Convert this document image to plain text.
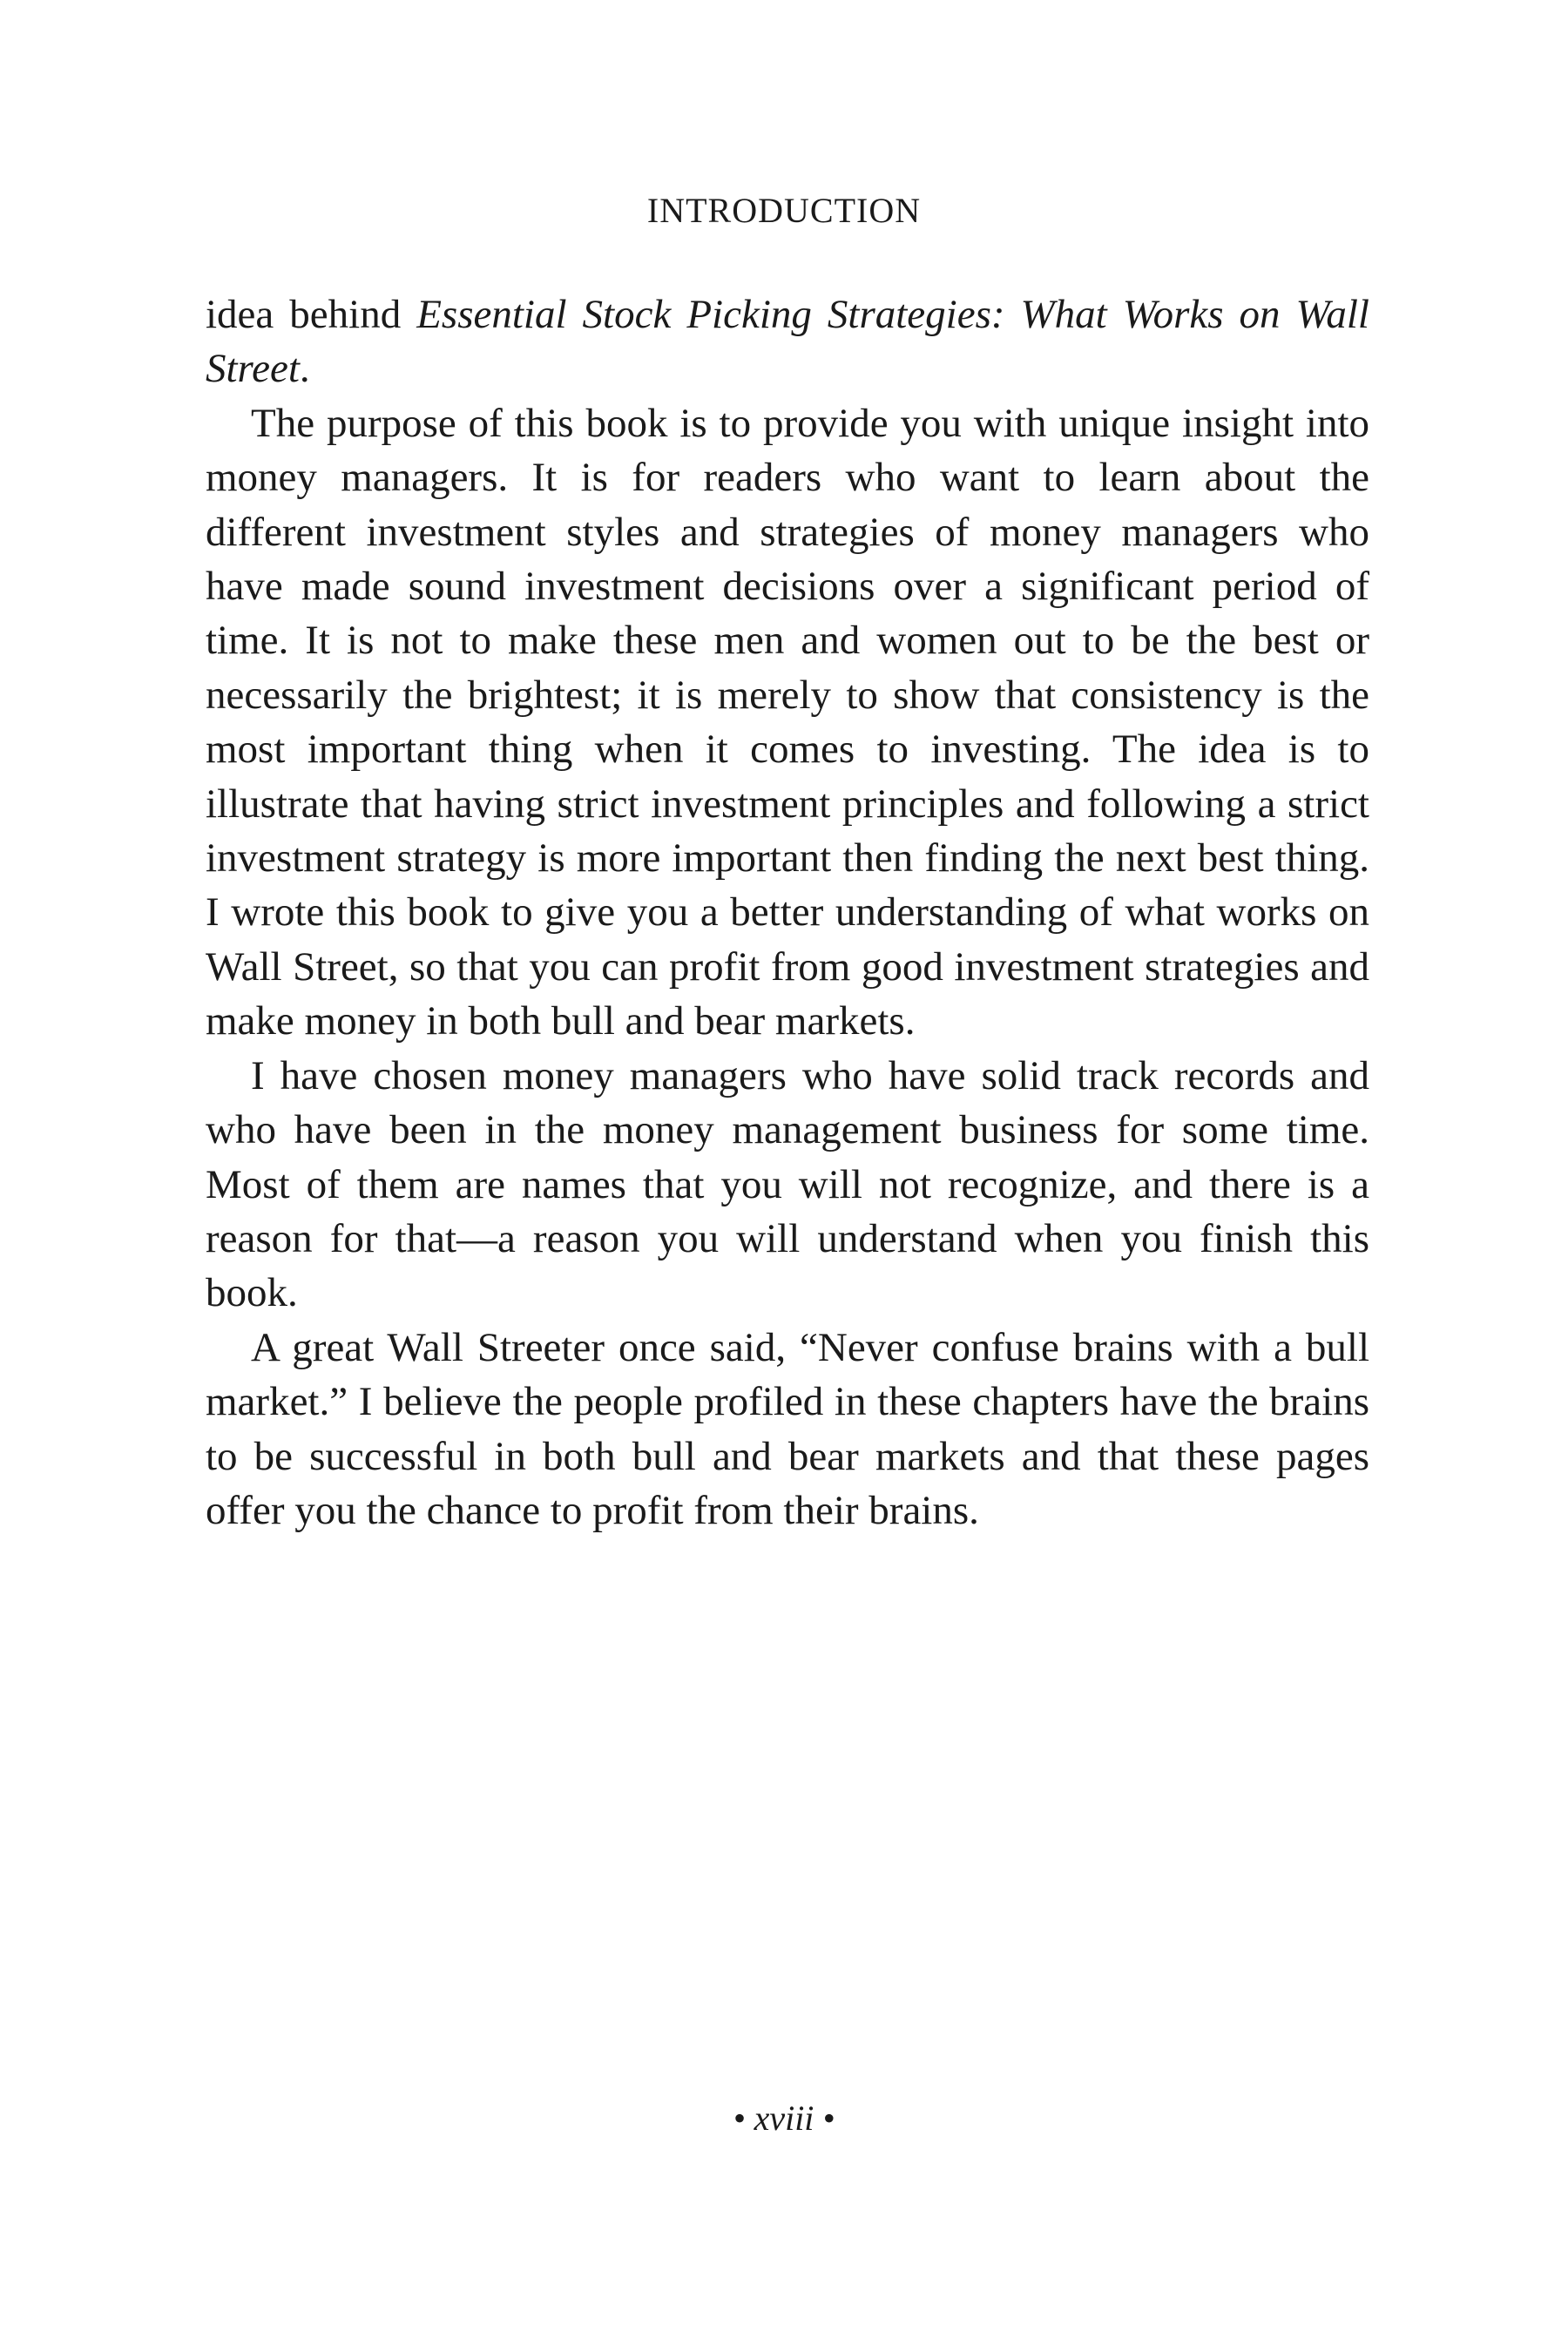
INTRODUCTION

idea behind Essential Stock Picking Strategies: What Works on Wall Street.

The purpose of this book is to provide you with unique insight into money managers. It is for readers who want to learn about the different investment styles and strategies of money managers who have made sound investment decisions over a significant period of time. It is not to make these men and women out to be the best or necessarily the brightest; it is merely to show that consistency is the most important thing when it comes to investing. The idea is to illustrate that having strict investment principles and following a strict investment strategy is more important then finding the next best thing. I wrote this book to give you a better understanding of what works on Wall Street, so that you can profit from good investment strategies and make money in both bull and bear markets.

I have chosen money managers who have solid track records and who have been in the money management business for some time. Most of them are names that you will not recognize, and there is a reason for that—a reason you will understand when you finish this book.

A great Wall Streeter once said, “Never confuse brains with a bull market.” I believe the people profiled in these chapters have the brains to be successful in both bull and bear markets and that these pages offer you the chance to profit from their brains.

• xviii •
